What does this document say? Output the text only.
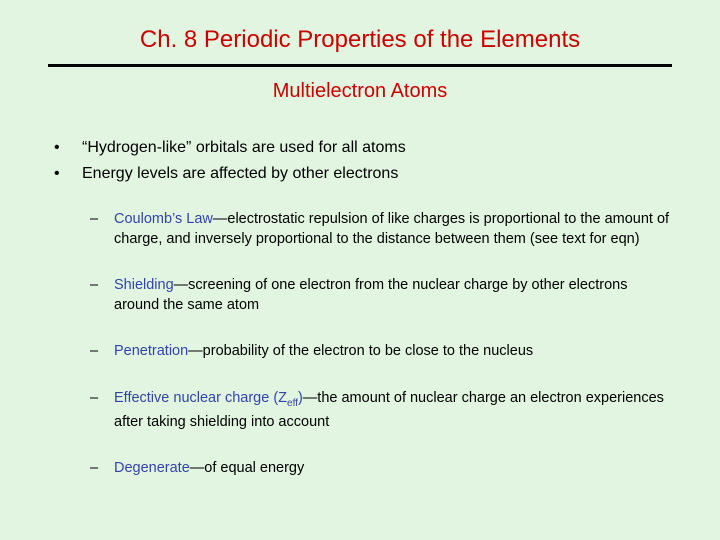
Ch. 8 Periodic Properties of the Elements
Multielectron Atoms
• “Hydrogen-like” orbitals are used for all atoms
• Energy levels are affected by other electrons
– Coulomb’s Law—electrostatic repulsion of like charges is proportional to the amount of charge, and inversely proportional to the distance between them (see text for eqn)
– Shielding—screening of one electron from the nuclear charge by other electrons around the same atom
– Penetration—probability of the electron to be close to the nucleus
– Effective nuclear charge $(Z_{eff})—the$ amount of nuclear charge an electron experiences after taking shielding into account
– Degenerate—of equal energy
